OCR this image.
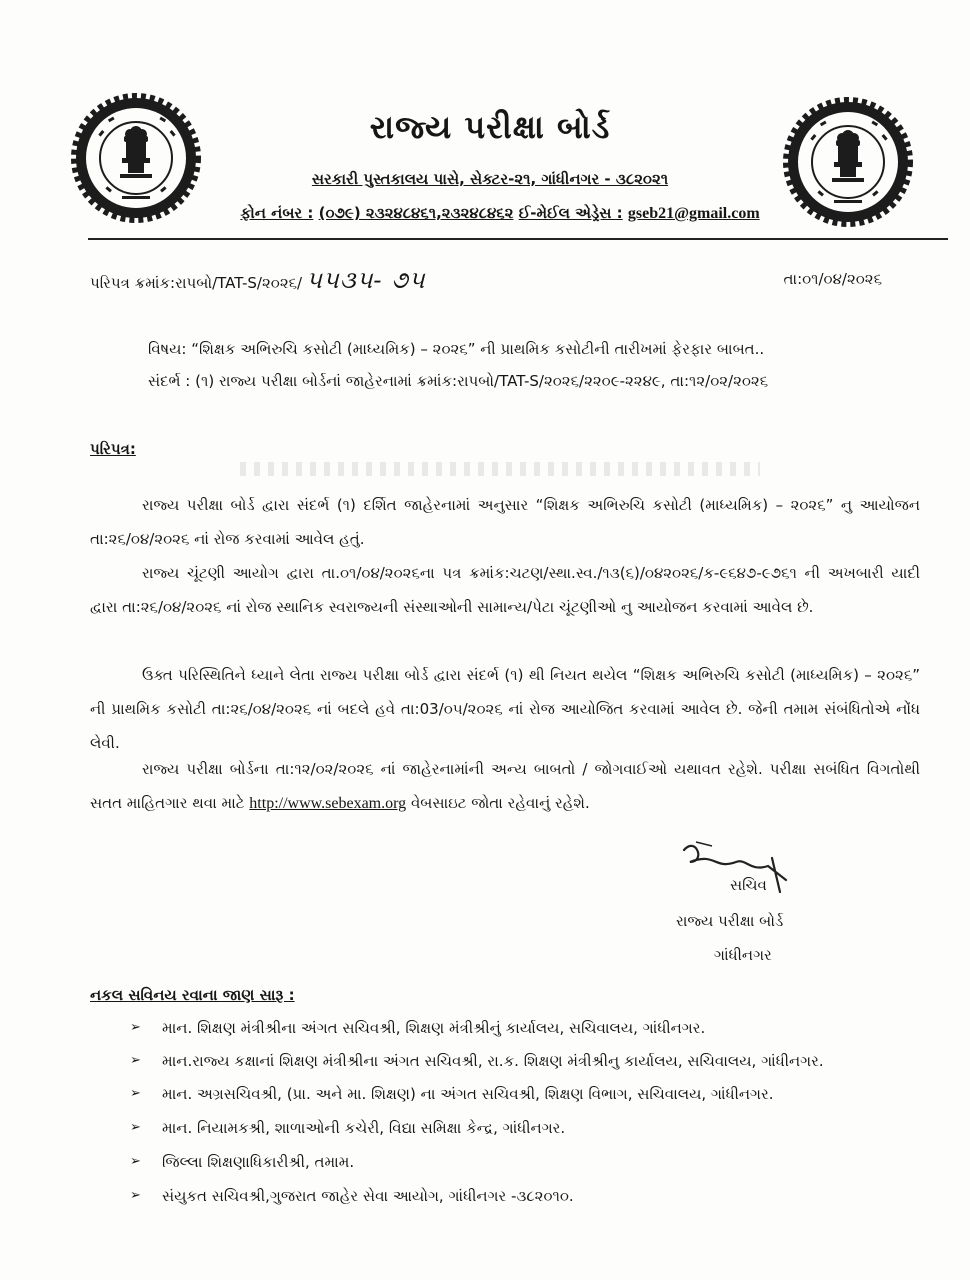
રાજ્ય પરીક્ષા બોર્ડ
સરકારી પુસ્તકાલય પાસે, સેક્ટર-૨૧, ગાંધીનગર - ૩૮૨૦૨૧
ફોન નંબર : (૦૭૯) ૨૩૨૪૮૪૬૧,૨૩૨૪૮૪૬૨ ઈ-મેઈલ એડ્રેસ : gseb21@gmail.com
પરિપત્ર ક્રમાંક:રાપબો/TAT-S/૨૦૨૬/ ૫૫૩૫- ૭૫	તા:૦૧/૦૪/૨૦૨૬
વિષય: “શિક્ષક અભિરુચિ કસોટી (માધ્યમિક) – ૨૦૨૬” ની પ્રાથમિક કસોટીની તારીખમાં ફેરફાર બાબત..
સંદર્ભ : (૧) રાજ્ય પરીક્ષા બોર્ડનાં જાહેરનામાં ક્રમાંક:રાપબો/TAT-S/૨૦૨૬/૨૨૦૯-૨૨૪૯, તા:૧૨/૦૨/૨૦૨૬
પરિપત્ર:
રાજ્ય પરીક્ષા બોર્ડ દ્વારા સંદર્ભ (૧) દર્શિત જાહેરનામાં અનુસાર “શિક્ષક અભિરુચિ કસોટી (માધ્યમિક) – ૨૦૨૬” નુ આયોજન તા:૨૬/૦૪/૨૦૨૬ નાં રોજ કરવામાં આવેલ હતું.
રાજ્ય ચૂંટણી આયોગ દ્વારા તા.૦૧/૦૪/૨૦૨૬ના પત્ર ક્રમાંક:ચટણ/સ્થા.સ્વ./૧૩(૬)/૦૪૨૦૨૬/ક-૯૬૪૭-૯૭૬૧ ની અખબારી યાદી દ્વારા તા:૨૬/૦૪/૨૦૨૬ નાં રોજ સ્થાનિક સ્વરાજ્યની સંસ્થાઓની સામાન્ય/પેટા ચૂંટણીઓ નુ આયોજન કરવામાં આવેલ છે.
ઉક્ત પરિસ્થિતિને ધ્યાને લેતા રાજ્ય પરીક્ષા બોર્ડ દ્વારા સંદર્ભ (૧) થી નિયત થયેલ “શિક્ષક અભિરુચિ કસોટી (માધ્યમિક) – ૨૦૨૬” ની પ્રાથમિક કસોટી તા:૨૬/૦૪/૨૦૨૬ નાં બદલે હવે તા:03/૦૫/૨૦૨૬ નાં રોજ આયોજિત કરવામાં આવેલ છે. જેની તમામ સંબંધિતોએ નોંધ લેવી.
રાજ્ય પરીક્ષા બોર્ડના તા:૧૨/૦૨/૨૦૨૬ નાં જાહેરનામાંની અન્ય બાબતો / જોગવાઈઓ યથાવત રહેશે. પરીક્ષા સબંધિત વિગતોથી સતત માહિતગાર થવા માટે http://www.sebexam.org વેબસાઇટ જોતા રહેવાનું રહેશે.
સચિવ
રાજ્ય પરીક્ષા બોર્ડ
ગાંધીનગર
નકલ સવિનય રવાના જાણ સારૂ :
➢ માન. શિક્ષણ મંત્રીશ્રીના અંગત સચિવશ્રી, શિક્ષણ મંત્રીશ્રીનું કાર્યાલય, સચિવાલય, ગાંધીનગર.
➢ માન.રાજ્ય કક્ષાનાં શિક્ષણ મંત્રીશ્રીના અંગત સચિવશ્રી, રા.ક. શિક્ષણ મંત્રીશ્રીનુ કાર્યાલય, સચિવાલય, ગાંધીનગર.
➢ માન. અગ્રસચિવશ્રી, (પ્રા. અને મા. શિક્ષણ) ના અંગત સચિવશ્રી, શિક્ષણ વિભાગ, સચિવાલય, ગાંધીનગર.
➢ માન. નિયામકશ્રી, શાળાઓની કચેરી, વિદ્યા સમિક્ષા કેન્દ્ર, ગાંધીનગર.
➢ જિલ્લા શિક્ષણાધિકારીશ્રી, તમામ.
➢ સંયુકત સચિવશ્રી,ગુજરાત જાહેર સેવા આયોગ, ગાંધીનગર -૩૮૨૦૧૦.
